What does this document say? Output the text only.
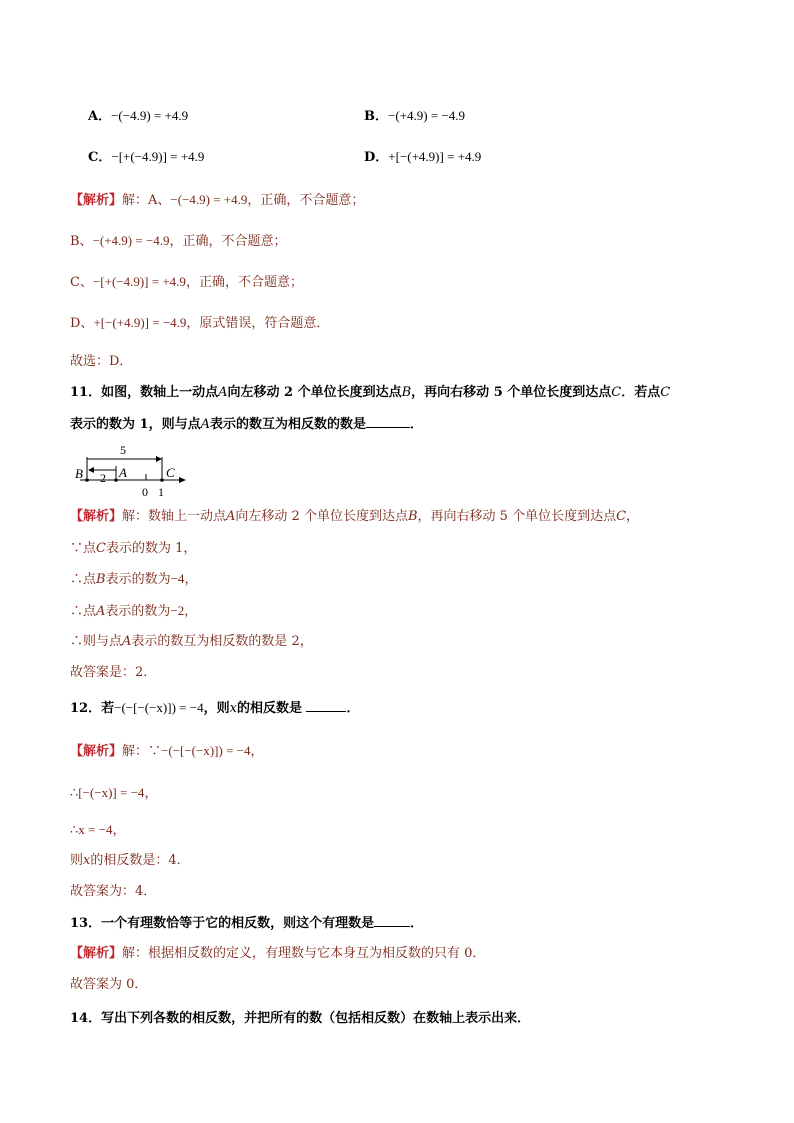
A．−(−4.9) = +4.9	B．−(+4.9) = −4.9
C．−[+(−4.9)] = +4.9	D．+[−(+4.9)] = +4.9
【解析】解：A、−(−4.9) = +4.9，正确，不合题意；
B、−(+4.9) = −4.9，正确，不合题意；
C、−[+(−4.9)] = +4.9，正确，不合题意；
D、+[−(+4.9)] = −4.9，原式错误，符合题意．
故选：D．
11．如图，数轴上一动点A向左移动 2 个单位长度到达点B，再向右移动 5 个单位长度到达点C．若点C
表示的数为 1，则与点A表示的数互为相反数的数是	．
5
2
B	A	C
0 1
【解析】解：数轴上一动点A向左移动 2 个单位长度到达点B，再向右移动 5 个单位长度到达点C，
∵点C表示的数为 1，
∴点B表示的数为−4，
∴点A表示的数为−2，
∴则与点A表示的数互为相反数的数是 2，
故答案是：2．
12．若−(−[−(−x)]) = −4，则x的相反数是	．
【解析】解：∵−(−[−(−x)]) = −4，
∴[−(−x)] = −4，
∴x = −4，
则x的相反数是：4．
故答案为：4．
13．一个有理数恰等于它的相反数，则这个有理数是	．
【解析】解：根据相反数的定义，有理数与它本身互为相反数的只有 0．
故答案为 0．
14．写出下列各数的相反数，并把所有的数（包括相反数）在数轴上表示出来．
